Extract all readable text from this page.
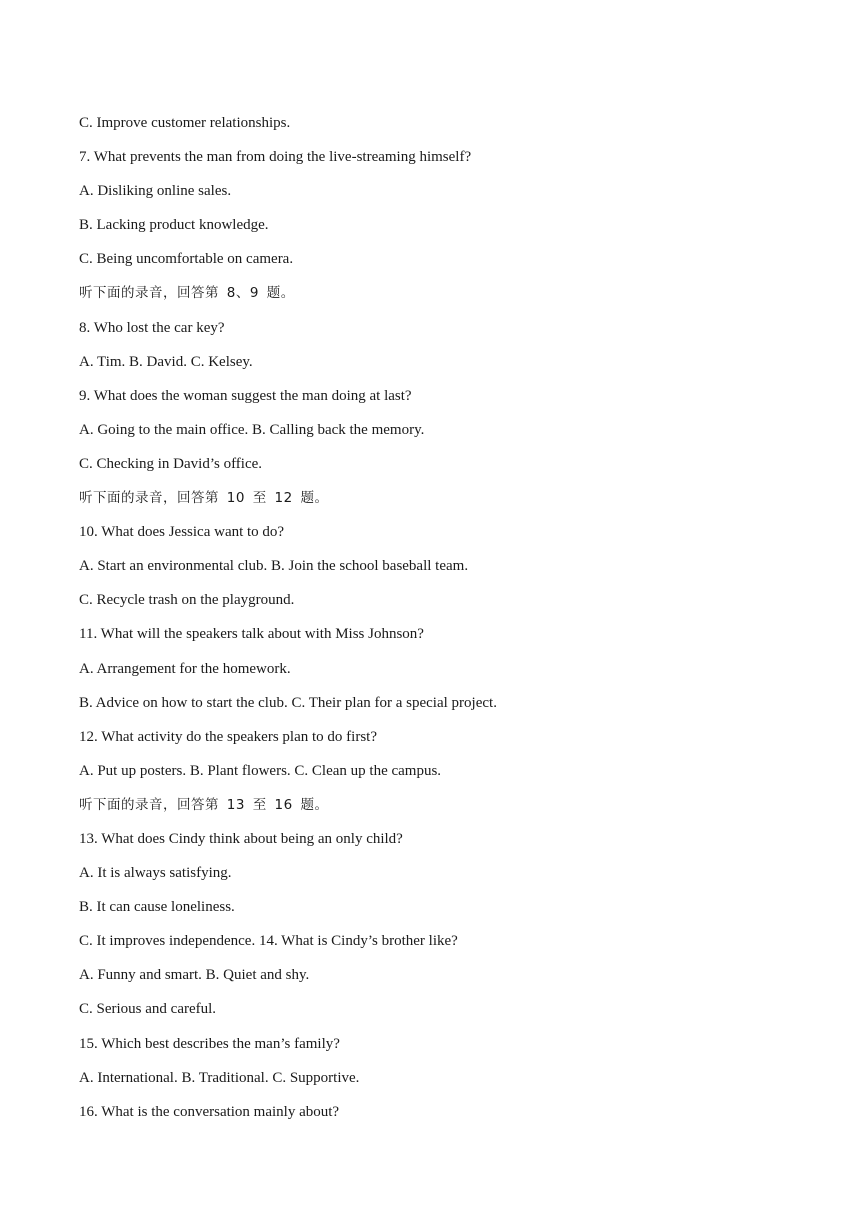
C. Improve customer relationships.
7. What prevents the man from doing the live-streaming himself?
A. Disliking online sales.
B. Lacking product knowledge.
C. Being uncomfortable on camera.
听下面的录音，回答第 8、9 题。
8. Who lost the car key?
A. Tim. B. David. C. Kelsey.
9. What does the woman suggest the man doing at last?
A. Going to the main office. B. Calling back the memory.
C. Checking in David’s office.
听下面的录音，回答第 10 至 12 题。
10. What does Jessica want to do?
A. Start an environmental club. B. Join the school baseball team.
C. Recycle trash on the playground.
11. What will the speakers talk about with Miss Johnson?
A. Arrangement for the homework.
B. Advice on how to start the club. C. Their plan for a special project.
12. What activity do the speakers plan to do first?
A. Put up posters. B. Plant flowers. C. Clean up the campus.
听下面的录音，回答第 13 至 16 题。
13. What does Cindy think about being an only child?
A. It is always satisfying.
B. It can cause loneliness.
C. It improves independence. 14. What is Cindy’s brother like?
A. Funny and smart. B. Quiet and shy.
C. Serious and careful.
15. Which best describes the man’s family?
A. International. B. Traditional. C. Supportive.
16. What is the conversation mainly about?
